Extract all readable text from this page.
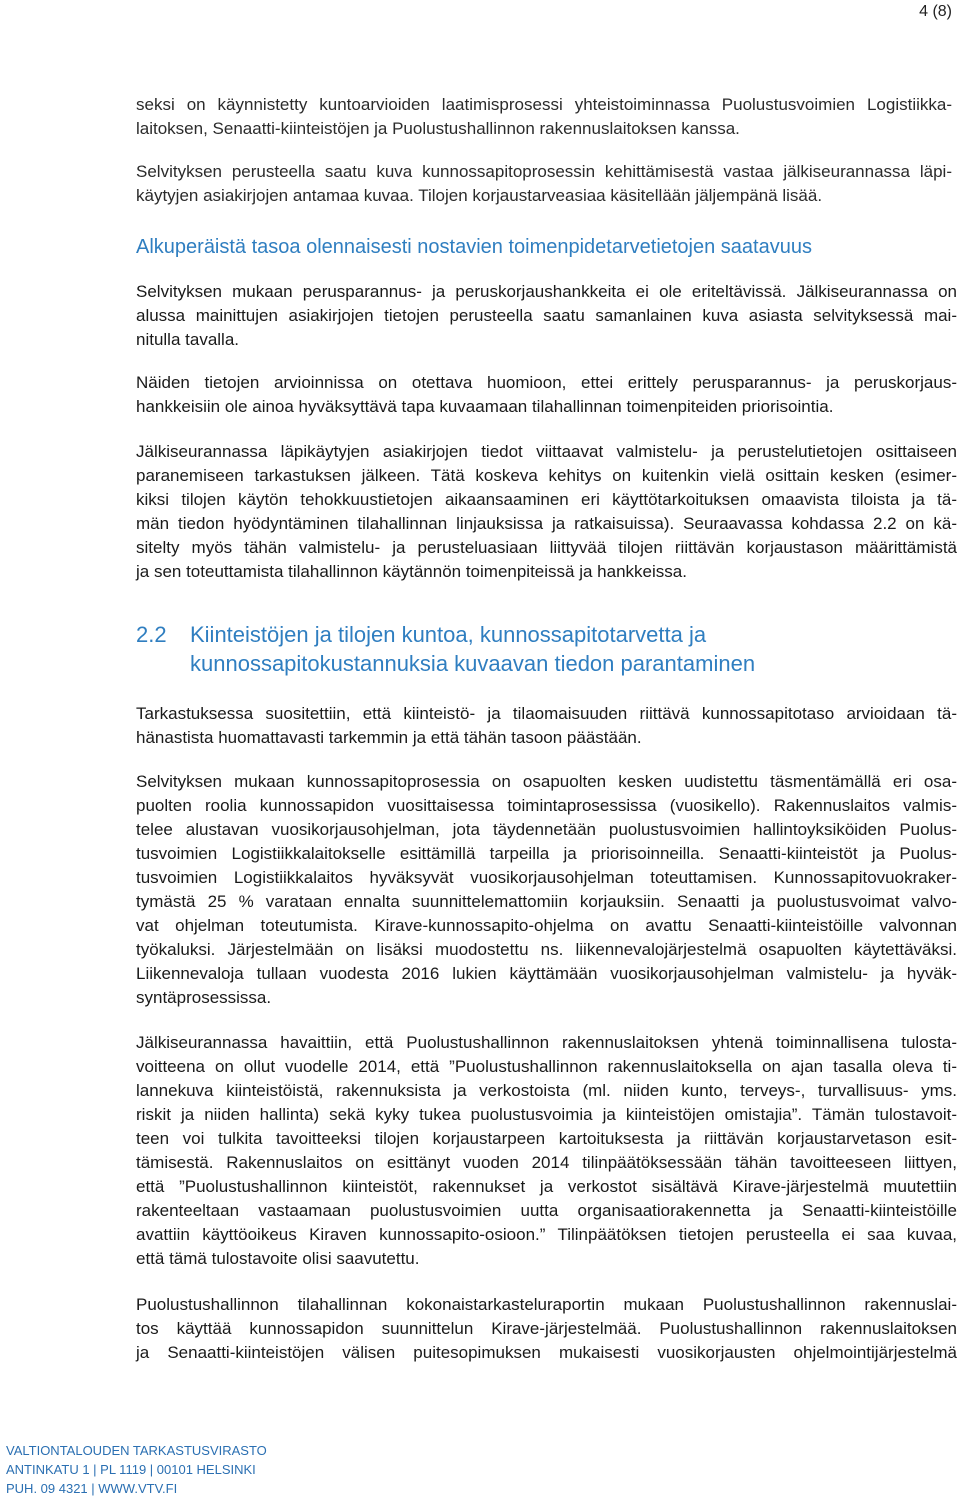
4 (8)
seksi on käynnistetty kuntoarvioiden laatimisprosessi yhteistoiminnassa Puolustusvoimien Logistiikka-
laitoksen, Senaatti-kiinteistöjen ja Puolustushallinnon rakennuslaitoksen kanssa.
Selvityksen perusteella saatu kuva kunnossapitoprosessin kehittämisestä vastaa jälkiseurannassa läpi-
käytyjen asiakirjojen antamaa kuvaa. Tilojen korjaustarveasiaa käsitellään jäljempänä lisää.
Alkuperäistä tasoa olennaisesti nostavien toimenpidetarvetietojen saatavuus
Selvityksen mukaan perusparannus- ja peruskorjaushankkeita ei ole eriteltävissä. Jälkiseurannassa on
alussa mainittujen asiakirjojen tietojen perusteella saatu samanlainen kuva asiasta selvityksessä mai-
nitulla tavalla.
Näiden tietojen arvioinnissa on otettava huomioon, ettei erittely perusparannus- ja peruskorjaus-
hankkeisiin ole ainoa hyväksyttävä tapa kuvaamaan tilahallinnan toimenpiteiden priorisointia.
Jälkiseurannassa läpikäytyjen asiakirjojen tiedot viittaavat valmistelu- ja perustelutietojen osittaiseen
paranemiseen tarkastuksen jälkeen. Tätä koskeva kehitys on kuitenkin vielä osittain kesken (esimer-
kiksi tilojen käytön tehokkuustietojen aikaansaaminen eri käyttötarkoituksen omaavista tiloista ja tä-
män tiedon hyödyntäminen tilahallinnan linjauksissa ja ratkaisuissa). Seuraavassa kohdassa 2.2 on kä-
sitelty myös tähän valmistelu- ja perusteluasiaan liittyvää tilojen riittävän korjaustason määrittämistä
ja sen toteuttamista tilahallinnon käytännön toimenpiteissä ja hankkeissa.
2.2 Kiinteistöjen ja tilojen kuntoa, kunnossapitotarvetta ja
kunnossapitokustannuksia kuvaavan tiedon parantaminen
Tarkastuksessa suositettiin, että kiinteistö- ja tilaomaisuuden riittävä kunnossapitotaso arvioidaan tä-
hänastista huomattavasti tarkemmin ja että tähän tasoon päästään.
Selvityksen mukaan kunnossapitoprosessia on osapuolten kesken uudistettu täsmentämällä eri osa-
puolten roolia kunnossapidon vuosittaisessa toimintaprosessissa (vuosikello). Rakennuslaitos valmis-
telee alustavan vuosikorjausohjelman, jota täydennetään puolustusvoimien hallintoyksiköiden Puolus-
tusvoimien Logistiikkalaitokselle esittämillä tarpeilla ja priorisoinneilla. Senaatti-kiinteistöt ja Puolus-
tusvoimien Logistiikkalaitos hyväksyvät vuosikorjausohjelman toteuttamisen. Kunnossapitovuokraker-
tymästä 25 % varataan ennalta suunnittelemattomiin korjauksiin. Senaatti ja puolustusvoimat valvo-
vat ohjelman toteutumista. Kirave-kunnossapito-ohjelma on avattu Senaatti-kiinteistöille valvonnan
työkaluksi. Järjestelmään on lisäksi muodostettu ns. liikennevalojärjestelmä osapuolten käytettäväksi.
Liikennevaloja tullaan vuodesta 2016 lukien käyttämään vuosikorjausohjelman valmistelu- ja hyväk-
syntäprosessissa.
Jälkiseurannassa havaittiin, että Puolustushallinnon rakennuslaitoksen yhtenä toiminnallisena tulosta-
voitteena on ollut vuodelle 2014, että ”Puolustushallinnon rakennuslaitoksella on ajan tasalla oleva ti-
lannekuva kiinteistöistä, rakennuksista ja verkostoista (ml. niiden kunto, terveys-, turvallisuus- yms.
riskit ja niiden hallinta) sekä kyky tukea puolustusvoimia ja kiinteistöjen omistajia”. Tämän tulostavoit-
teen voi tulkita tavoitteeksi tilojen korjaustarpeen kartoituksesta ja riittävän korjaustarvetason esit-
tämisestä. Rakennuslaitos on esittänyt vuoden 2014 tilinpäätöksessään tähän tavoitteeseen liittyen,
että ”Puolustushallinnon kiinteistöt, rakennukset ja verkostot sisältävä Kirave-järjestelmä muutettiin
rakenteeltaan vastaamaan puolustusvoimien uutta organisaatiorakennetta ja Senaatti-kiinteistöille
avattiin käyttöoikeus Kiraven kunnossapito-osioon.” Tilinpäätöksen tietojen perusteella ei saa kuvaa,
että tämä tulostavoite olisi saavutettu.
Puolustushallinnon tilahallinnan kokonaistarkasteluraportin mukaan Puolustushallinnon rakennuslai-
tos käyttää kunnossapidon suunnittelun Kirave-järjestelmää. Puolustushallinnon rakennuslaitoksen
ja Senaatti-kiinteistöjen välisen puitesopimuksen mukaisesti vuosikorjausten ohjelmointijärjestelmä
VALTIONTALOUDEN TARKASTUSVIRASTO
ANTINKATU 1 | PL 1119 | 00101 HELSINKI
PUH. 09 4321 | WWW.VTV.FI
